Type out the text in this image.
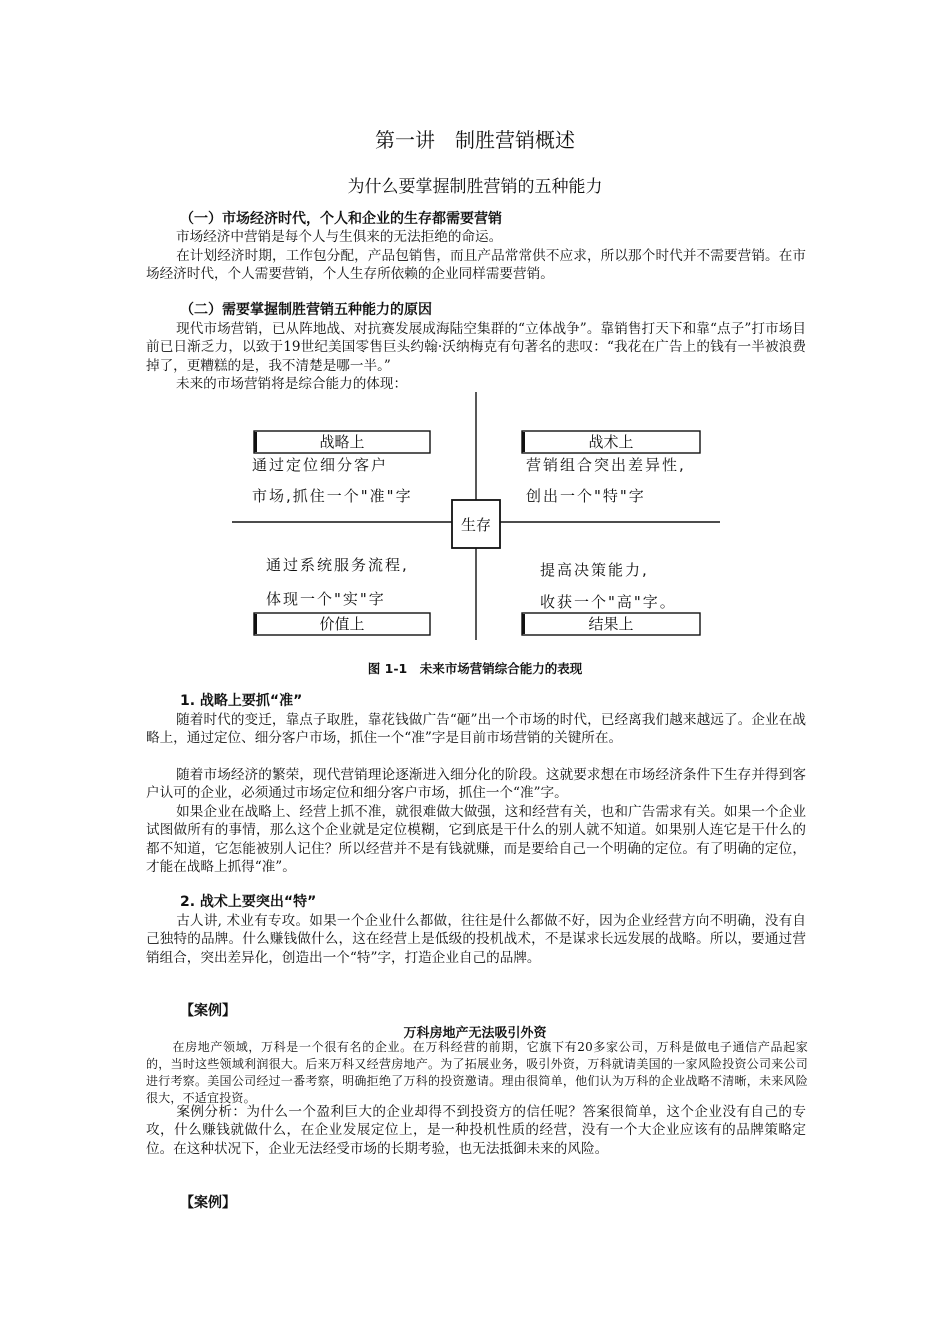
第一讲　制胜营销概述
为什么要掌握制胜营销的五种能力
（一）市场经济时代，个人和企业的生存都需要营销

市场经济中营销是每个人与生俱来的无法拒绝的命运。

在计划经济时期，工作包分配，产品包销售，而且产品常常供不应求，所以那个时代并不需要营销。在市场经济时代，个人需要营销，个人生存所依赖的企业同样需要营销。

（二）需要掌握制胜营销五种能力的原因

现代市场营销，已从阵地战、对抗赛发展成海陆空集群的“立体战争”。靠销售打天下和靠“点子”打市场目前已日渐乏力，以致于19世纪美国零售巨头约翰·沃纳梅克有句著名的悲叹：“我花在广告上的钱有一半被浪费掉了，更糟糕的是，我不清楚是哪一半。”

未来的市场营销将是综合能力的体现：

生存
战略上
通过定位细分客户
市场,抓住一个"准"字
战术上
营销组合突出差异性,
创出一个"特"字
通过系统服务流程,
体现一个"实"字
价值上
提高决策能力,
收获一个"高"字。
结果上
图 1-1　未来市场营销综合能力的表现
1. 战略上要抓“准”

随着时代的变迁，靠点子取胜，靠花钱做广告“砸”出一个市场的时代，已经离我们越来越远了。企业在战略上，通过定位、细分客户市场，抓住一个“准”字是目前市场营销的关键所在。

随着市场经济的繁荣，现代营销理论逐渐进入细分化的阶段。这就要求想在市场经济条件下生存并得到客户认可的企业，必须通过市场定位和细分客户市场，抓住一个“准”字。

如果企业在战略上、经营上抓不准，就很难做大做强，这和经营有关，也和广告需求有关。如果一个企业试图做所有的事情，那么这个企业就是定位模糊，它到底是干什么的别人就不知道。如果别人连它是干什么的都不知道，它怎能被别人记住？所以经营并不是有钱就赚，而是要给自己一个明确的定位。有了明确的定位，才能在战略上抓得“准”。

2. 战术上要突出“特”

古人讲, 术业有专攻。如果一个企业什么都做，往往是什么都做不好，因为企业经营方向不明确，没有自己独特的品牌。什么赚钱做什么，这在经营上是低级的投机战术，不是谋求长远发展的战略。所以，要通过营销组合，突出差异化，创造出一个“特”字，打造企业自己的品牌。

【案例】
万科房地产无法吸引外资

在房地产领域，万科是一个很有名的企业。在万科经营的前期，它旗下有20多家公司，万科是做电子通信产品起家的，当时这些领域利润很大。后来万科又经营房地产。为了拓展业务，吸引外资，万科就请美国的一家风险投资公司来公司进行考察。美国公司经过一番考察，明确拒绝了万科的投资邀请。理由很简单，他们认为万科的企业战略不清晰，未来风险很大，不适宜投资。

案例分析：为什么一个盈利巨大的企业却得不到投资方的信任呢？答案很简单，这个企业没有自己的专攻，什么赚钱就做什么，在企业发展定位上，是一种投机性质的经营，没有一个大企业应该有的品牌策略定位。在这种状况下，企业无法经受市场的长期考验，也无法抵御未来的风险。

【案例】
